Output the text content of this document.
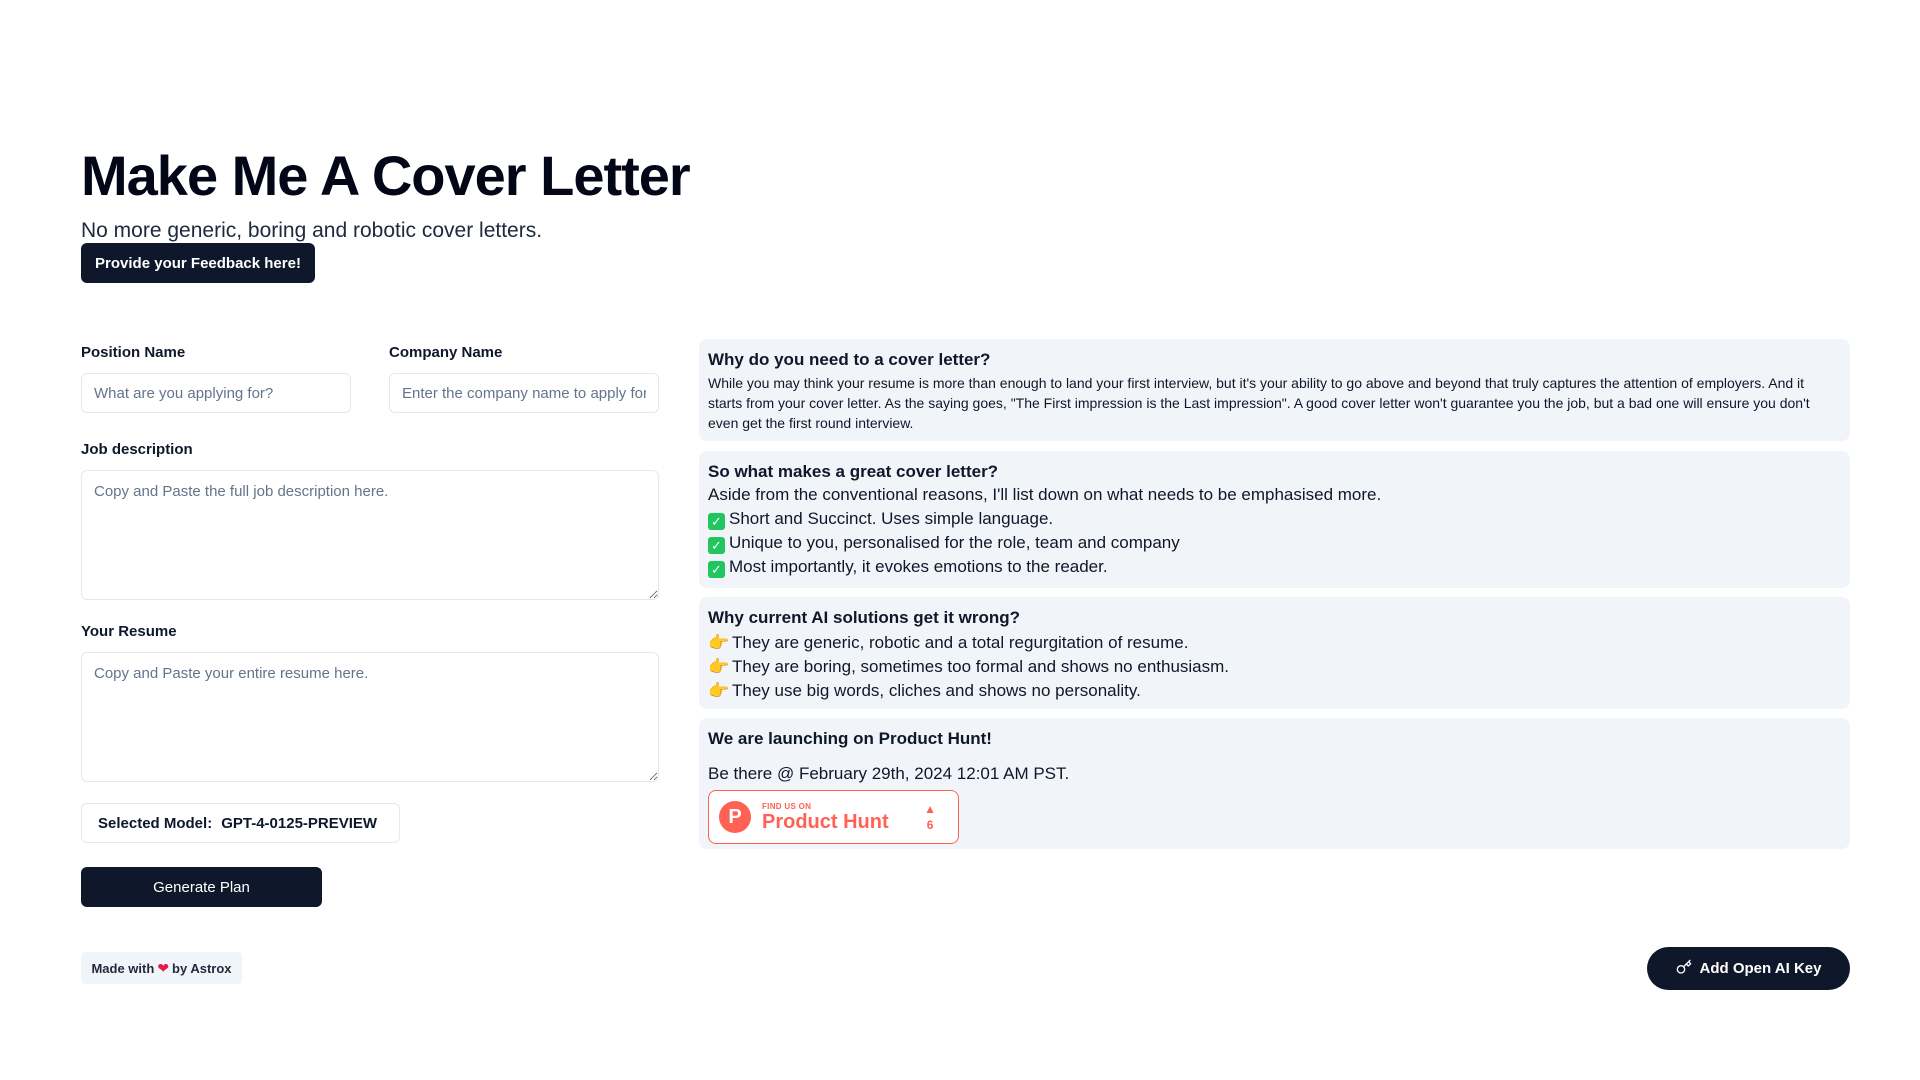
Make Me A Cover Letter

No more generic, boring and robotic cover letters.

Provide your Feedback here!
Position Name
What are you applying for?	Company Name
Enter the company name to apply for
Job description
Copy and Paste the full job description here.
Your Resume
Copy and Paste your entire resume here.
Selected Model: GPT-4-0125-PREVIEW
Generate Plan
Made with ❤ by Astrox	Add Open AI Key
Why do you need to a cover letter?
While you may think your resume is more than enough to land your first interview, but it's your ability to go above and beyond that truly captures the attention of employers. And it starts from your cover letter. As the saying goes, "The First impression is the Last impression". A good cover letter won't guarantee you the job, but a bad one will ensure you don't even get the first round interview.
So what makes a great cover letter?
Aside from the conventional reasons, I'll list down on what needs to be emphasised more.
✓ Short and Succinct. Uses simple language.
✓ Unique to you, personalised for the role, team and company
✓ Most importantly, it evokes emotions to the reader.
Why current AI solutions get it wrong?
👉 They are generic, robotic and a total regurgitation of resume.
👉 They are boring, sometimes too formal and shows no enthusiasm.
👉 They use big words, cliches and shows no personality.
We are launching on Product Hunt!
Be there @ February 29th, 2024 12:01 AM PST.
P	FIND US ON
Product Hunt
▲
6
